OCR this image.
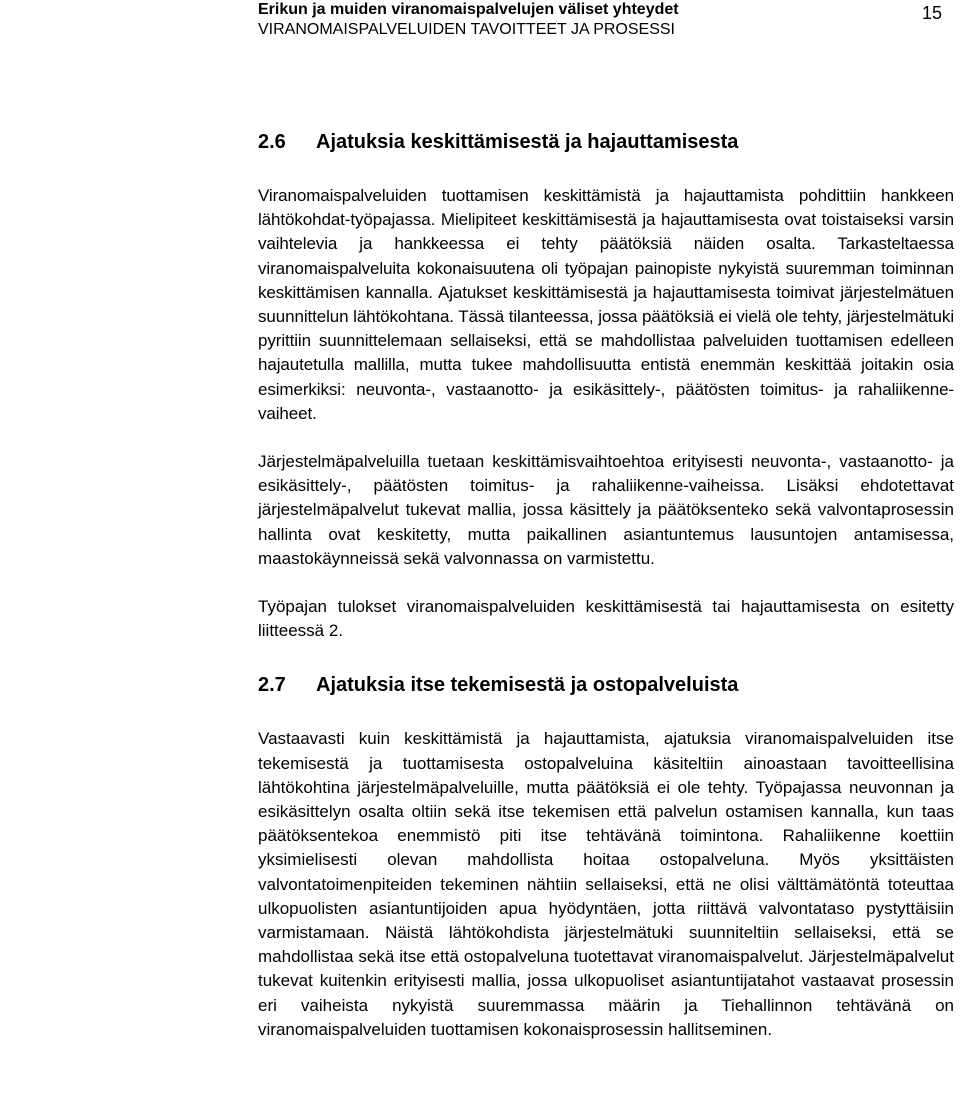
Erikun ja muiden viranomaispalvelujen väliset yhteydet
VIRANOMAISPALVELUIDEN TAVOITTEET JA PROSESSI
15
2.6	Ajatuksia keskittämisestä ja hajauttamisesta

Viranomaispalveluiden tuottamisen keskittämistä ja hajauttamista pohdittiin hankkeen lähtökohdat-työpajassa. Mielipiteet keskittämisestä ja hajauttamisesta ovat toistaiseksi varsin vaihtelevia ja hankkeessa ei tehty päätöksiä näiden osalta. Tarkasteltaessa viranomaispalveluita kokonaisuutena oli työpajan painopiste nykyistä suuremman toiminnan keskittämisen kannalla. Ajatukset keskittämisestä ja hajauttamisesta toimivat järjestelmätuen suunnittelun lähtökohtana. Tässä tilanteessa, jossa päätöksiä ei vielä ole tehty, järjestelmätuki pyrittiin suunnittelemaan sellaiseksi, että se mahdollistaa palveluiden tuottamisen edelleen hajautetulla mallilla, mutta tukee mahdollisuutta entistä enemmän keskittää joitakin osia esimerkiksi: neuvonta-, vastaanotto- ja esikäsittely-, päätösten toimitus- ja rahaliikenne-vaiheet.

Järjestelmäpalveluilla tuetaan keskittämisvaihtoehtoa erityisesti neuvonta-, vastaanotto- ja esikäsittely-, päätösten toimitus- ja rahaliikenne-vaiheissa. Lisäksi ehdotettavat järjestelmäpalvelut tukevat mallia, jossa käsittely ja päätöksenteko sekä valvontaprosessin hallinta ovat keskitetty, mutta paikallinen asiantuntemus lausuntojen antamisessa, maastokäynneissä sekä valvonnassa on varmistettu.

Työpajan tulokset viranomaispalveluiden keskittämisestä tai hajauttamisesta on esitetty liitteessä 2.

2.7	Ajatuksia itse tekemisestä ja ostopalveluista

Vastaavasti kuin keskittämistä ja hajauttamista, ajatuksia viranomaispalveluiden itse tekemisestä ja tuottamisesta ostopalveluina käsiteltiin ainoastaan tavoitteellisina lähtökohtina järjestelmäpalveluille, mutta päätöksiä ei ole tehty. Työpajassa neuvonnan ja esikäsittelyn osalta oltiin sekä itse tekemisen että palvelun ostamisen kannalla, kun taas päätöksentekoa enemmistö piti itse tehtävänä toimintona. Rahaliikenne koettiin yksimielisesti olevan mahdollista hoitaa ostopalveluna. Myös yksittäisten valvontatoimenpiteiden tekeminen nähtiin sellaiseksi, että ne olisi välttämätöntä toteuttaa ulkopuolisten asiantuntijoiden apua hyödyntäen, jotta riittävä valvontataso pystyttäisiin varmistamaan. Näistä lähtökohdista järjestelmätuki suunniteltiin sellaiseksi, että se mahdollistaa sekä itse että ostopalveluna tuotettavat viranomaispalvelut. Järjestelmäpalvelut tukevat kuitenkin erityisesti mallia, jossa ulkopuoliset asiantuntijatahot vastaavat prosessin eri vaiheista nykyistä suuremmassa määrin ja Tiehallinnon tehtävänä on viranomaispalveluiden tuottamisen kokonaisprosessin hallitseminen.
